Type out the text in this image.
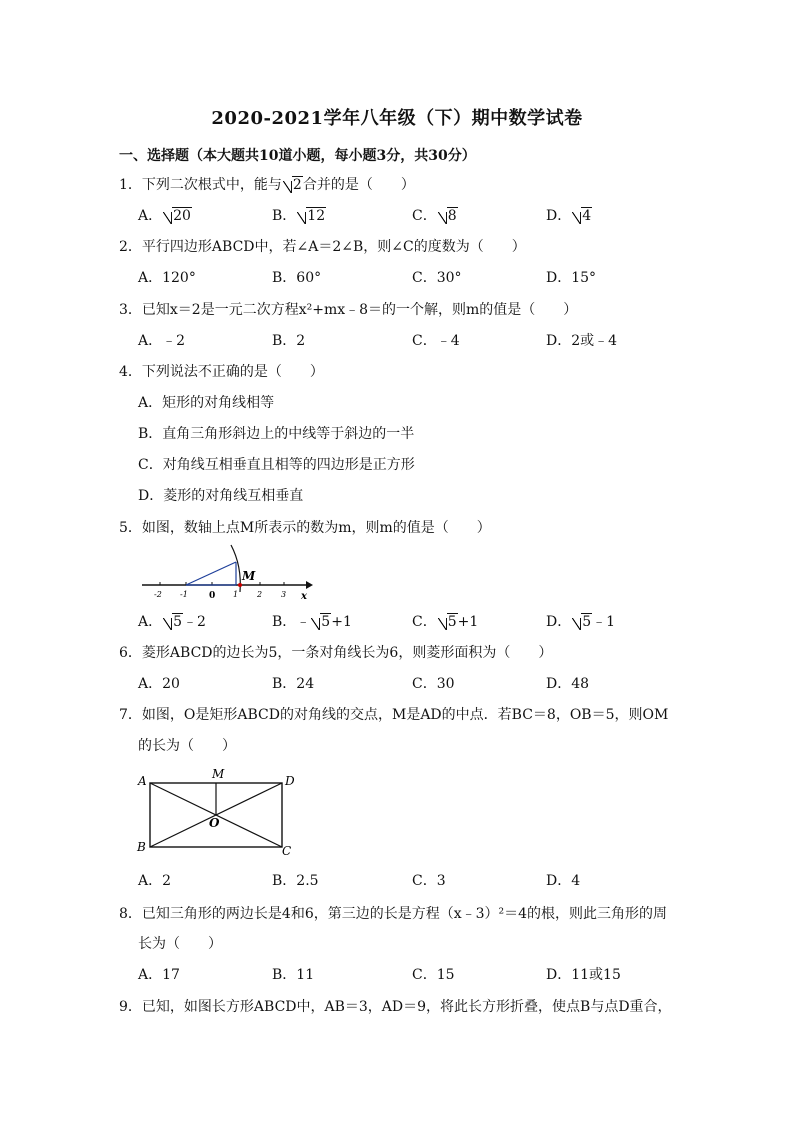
2020-2021学年八年级（下）期中数学试卷
一、选择题（本大题共10道小题，每小题3分，共30分）
1．下列二次根式中，能与 2合并的是（　　）
A． 20	B． 12	C． 8	D． 4
2．平行四边形ABCD中，若∠A＝2∠B，则∠C的度数为（　　）
A．120°	B．60°	C．30°	D．15°
3．已知x＝2是一元二次方程x²+mx﹣8＝的一个解，则m的值是（　　）
A．﹣2	B．2	C．﹣4	D．2或﹣4
4．下列说法不正确的是（　　）
A．矩形的对角线相等
B．直角三角形斜边上的中线等于斜边的一半
C．对角线互相垂直且相等的四边形是正方形
D．菱形的对角线互相垂直
5．如图，数轴上点M所表示的数为m，则m的值是（　　）
-2 -1 0 1 2 3
M
x
A． 5﹣2	B．﹣ 5+1	C． 5+1	D． 5﹣1
6．菱形ABCD的边长为5，一条对角线长为6，则菱形面积为（　　）
A．20	B．24	C．30	D．48
7．如图，O是矩形ABCD的对角线的交点，M是AD的中点．若BC＝8，OB＝5，则OM
的长为（　　）
A	M	D
O
B	C
A．2	B．2.5	C．3	D．4
8．已知三角形的两边长是4和6，第三边的长是方程（x﹣3）²＝4的根，则此三角形的周
长为（　　）
A．17	B．11	C．15	D．11或15
9．已知，如图长方形ABCD中，AB＝3，AD＝9，将此长方形折叠，使点B与点D重合，
